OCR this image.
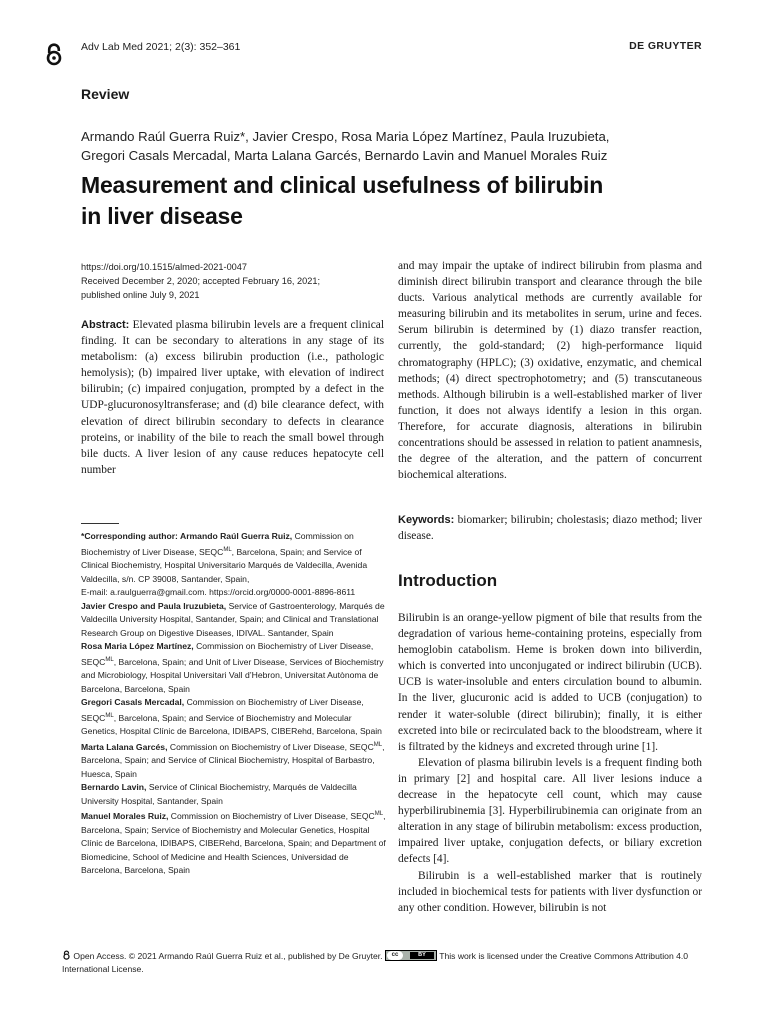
Adv Lab Med 2021; 2(3): 352–361	DE GRUYTER
Review
Armando Raúl Guerra Ruiz*, Javier Crespo, Rosa Maria López Martínez, Paula Iruzubieta,
Gregori Casals Mercadal, Marta Lalana Garcés, Bernardo Lavin and Manuel Morales Ruiz
Measurement and clinical usefulness of bilirubin
in liver disease
https://doi.org/10.1515/almed-2021-0047
Received December 2, 2020; accepted February 16, 2021;
published online July 9, 2021

Abstract: Elevated plasma bilirubin levels are a frequent clinical finding. It can be secondary to alterations in any stage of its metabolism: (a) excess bilirubin production (i.e., pathologic hemolysis); (b) impaired liver uptake, with elevation of indirect bilirubin; (c) impaired conjugation, prompted by a defect in the UDP-glucuronosyltransferase; and (d) bile clearance defect, with elevation of direct bilirubin secondary to defects in clearance proteins, or inability of the bile to reach the small bowel through bile ducts. A liver lesion of any cause reduces hepatocyte cell number

and may impair the uptake of indirect bilirubin from plasma and diminish direct bilirubin transport and clearance through the bile ducts. Various analytical methods are currently available for measuring bilirubin and its metabolites in serum, urine and feces. Serum bilirubin is determined by (1) diazo transfer reaction, currently, the gold-standard; (2) high-performance liquid chromatography (HPLC); (3) oxidative, enzymatic, and chemical methods; (4) direct spectrophotometry; and (5) transcutaneous methods. Although bilirubin is a well-established marker of liver function, it does not always identify a lesion in this organ. Therefore, for accurate diagnosis, alterations in bilirubin concentrations should be assessed in relation to patient anamnesis, the degree of the alteration, and the pattern of concurrent biochemical alterations.

Keywords: biomarker; bilirubin; cholestasis; diazo method; liver disease.

*Corresponding author: Armando Raúl Guerra Ruiz, Commission on Biochemistry of Liver Disease, $SEQC^{ML}$, Barcelona, Spain; and Service of Clinical Biochemistry, Hospital Universitario Marqués de Valdecilla, Avenida Valdecilla, s/n. CP 39008, Santander, Spain,

E-mail: a.raulguerra@gmail.com. https://orcid.org/0000-0001-8896-8611

Javier Crespo and Paula Iruzubieta, Service of Gastroenterology, Marqués de Valdecilla University Hospital, Santander, Spain; and Clinical and Translational Research Group on Digestive Diseases, IDIVAL. Santander, Spain

Rosa Maria López Martínez, Commission on Biochemistry of Liver Disease, $SEQC^{ML}$, Barcelona, Spain; and Unit of Liver Disease, Services of Biochemistry and Microbiology, Hospital Universitari Vall d’Hebron, Universitat Autònoma de Barcelona, Barcelona, Spain

Gregori Casals Mercadal, Commission on Biochemistry of Liver Disease, $SEQC^{ML}$, Barcelona, Spain; and Service of Biochemistry and Molecular Genetics, Hospital Clínic de Barcelona, IDIBAPS, CIBERehd, Barcelona, Spain

Marta Lalana Garcés, Commission on Biochemistry of Liver Disease, $SEQC^{ML}$, Barcelona, Spain; and Service of Clinical Biochemistry, Hospital of Barbastro, Huesca, Spain

Bernardo Lavin, Service of Clinical Biochemistry, Marqués de Valdecilla University Hospital, Santander, Spain

Manuel Morales Ruiz, Commission on Biochemistry of Liver Disease, $SEQC^{ML}$, Barcelona, Spain; Service of Biochemistry and Molecular Genetics, Hospital Clínic de Barcelona, IDIBAPS, CIBERehd, Barcelona, Spain; and Department of Biomedicine, School of Medicine and Health Sciences, Universidad de Barcelona, Barcelona, Spain

Introduction

Bilirubin is an orange-yellow pigment of bile that results from the degradation of various heme-containing proteins, especially from hemoglobin catabolism. Heme is broken down into biliverdin, which is converted into unconjugated or indirect bilirubin (UCB). UCB is water-insoluble and enters circulation bound to albumin. In the liver, glucuronic acid is added to UCB (conjugation) to render it water-soluble (direct bilirubin); finally, it is either excreted into bile or recirculated back to the bloodstream, where it is filtrated by the kidneys and excreted through urine [1].

Elevation of plasma bilirubin levels is a frequent finding both in primary [2] and hospital care. All liver lesions induce a decrease in the hepatocyte cell count, which may cause hyperbilirubinemia [3]. Hyperbilirubinemia can originate from an alteration in any stage of bilirubin metabolism: excess production, impaired liver uptake, conjugation defects, or biliary excretion defects [4].

Bilirubin is a well-established marker that is routinely included in biochemical tests for patients with liver dysfunction or any other condition. However, bilirubin is not

Open Access. © 2021 Armando Raúl Guerra Ruiz et al., published by De Gruyter.	cc	BY	This work is licensed under the Creative Commons Attribution 4.0 International License.
